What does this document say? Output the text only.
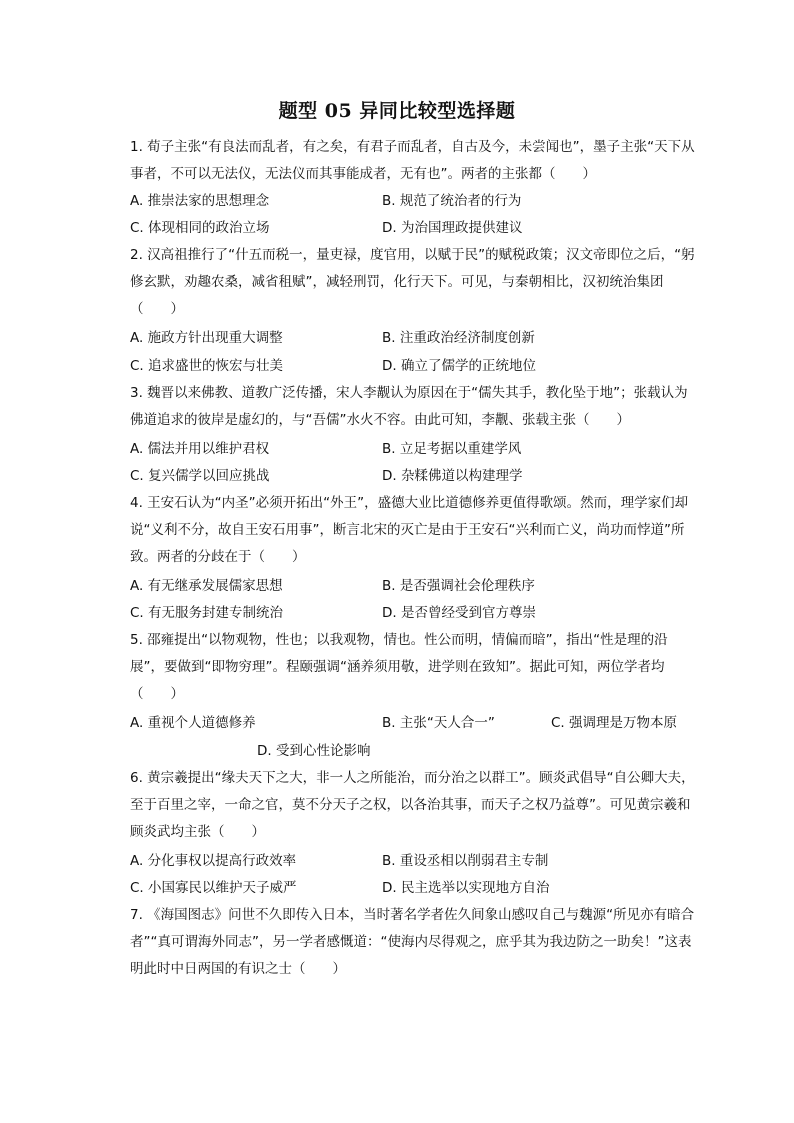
题型 05 异同比较型选择题
1. 荀子主张“有良法而乱者，有之矣，有君子而乱者，自古及今，未尝闻也”，墨子主张“天下从事者，不可以无法仪，无法仪而其事能成者，无有也”。两者的主张都（　　）
A. 推崇法家的思想理念	B. 规范了统治者的行为
C. 体现相同的政治立场	D. 为治国理政提供建议
2. 汉高祖推行了“什五而税一，量吏禄，度官用，以赋于民”的赋税政策；汉文帝即位之后，“躬修玄默，劝趣农桑，减省租赋”，减轻刑罚，化行天下。可见，与秦朝相比，汉初统治集团（　　）
A. 施政方针出现重大调整	B. 注重政治经济制度创新
C. 追求盛世的恢宏与壮美	D. 确立了儒学的正统地位
3. 魏晋以来佛教、道教广泛传播，宋人李觏认为原因在于“儒失其手，教化坠于地”；张载认为佛道追求的彼岸是虚幻的，与“吾儒”水火不容。由此可知，李觏、张载主张（　　）
A. 儒法并用以维护君权	B. 立足考据以重建学风
C. 复兴儒学以回应挑战	D. 杂糅佛道以构建理学
4. 王安石认为“内圣”必须开拓出“外王”，盛德大业比道德修养更值得歌颂。然而，理学家们却说“义利不分，故自王安石用事”，断言北宋的灭亡是由于王安石“兴利而亡义，尚功而悖道”所致。两者的分歧在于（　　）
A. 有无继承发展儒家思想	B. 是否强调社会伦理秩序
C. 有无服务封建专制统治	D. 是否曾经受到官方尊崇
5. 邵雍提出“以物观物，性也；以我观物，情也。性公而明，情偏而暗”，指出“性是理的沿展”，要做到“即物穷理”。程颐强调“涵养须用敬，进学则在致知”。据此可知，两位学者均（　　）
A. 重视个人道德修养	B. 主张“天人合一”	C. 强调理是万物本原
D. 受到心性论影响
6. 黄宗羲提出“缘夫天下之大，非一人之所能治，而分治之以群工”。顾炎武倡导“自公卿大夫，至于百里之宰，一命之官，莫不分天子之权，以各治其事，而天子之权乃益尊”。可见黄宗羲和顾炎武均主张（　　）
A. 分化事权以提高行政效率	B. 重设丞相以削弱君主专制
C. 小国寡民以维护天子威严	D. 民主选举以实现地方自治
7. 《海国图志》问世不久即传入日本，当时著名学者佐久间象山感叹自己与魏源“所见亦有暗合者”“真可谓海外同志”，另一学者感慨道：“使海内尽得观之，庶乎其为我边防之一助矣！”这表明此时中日两国的有识之士（　　）
